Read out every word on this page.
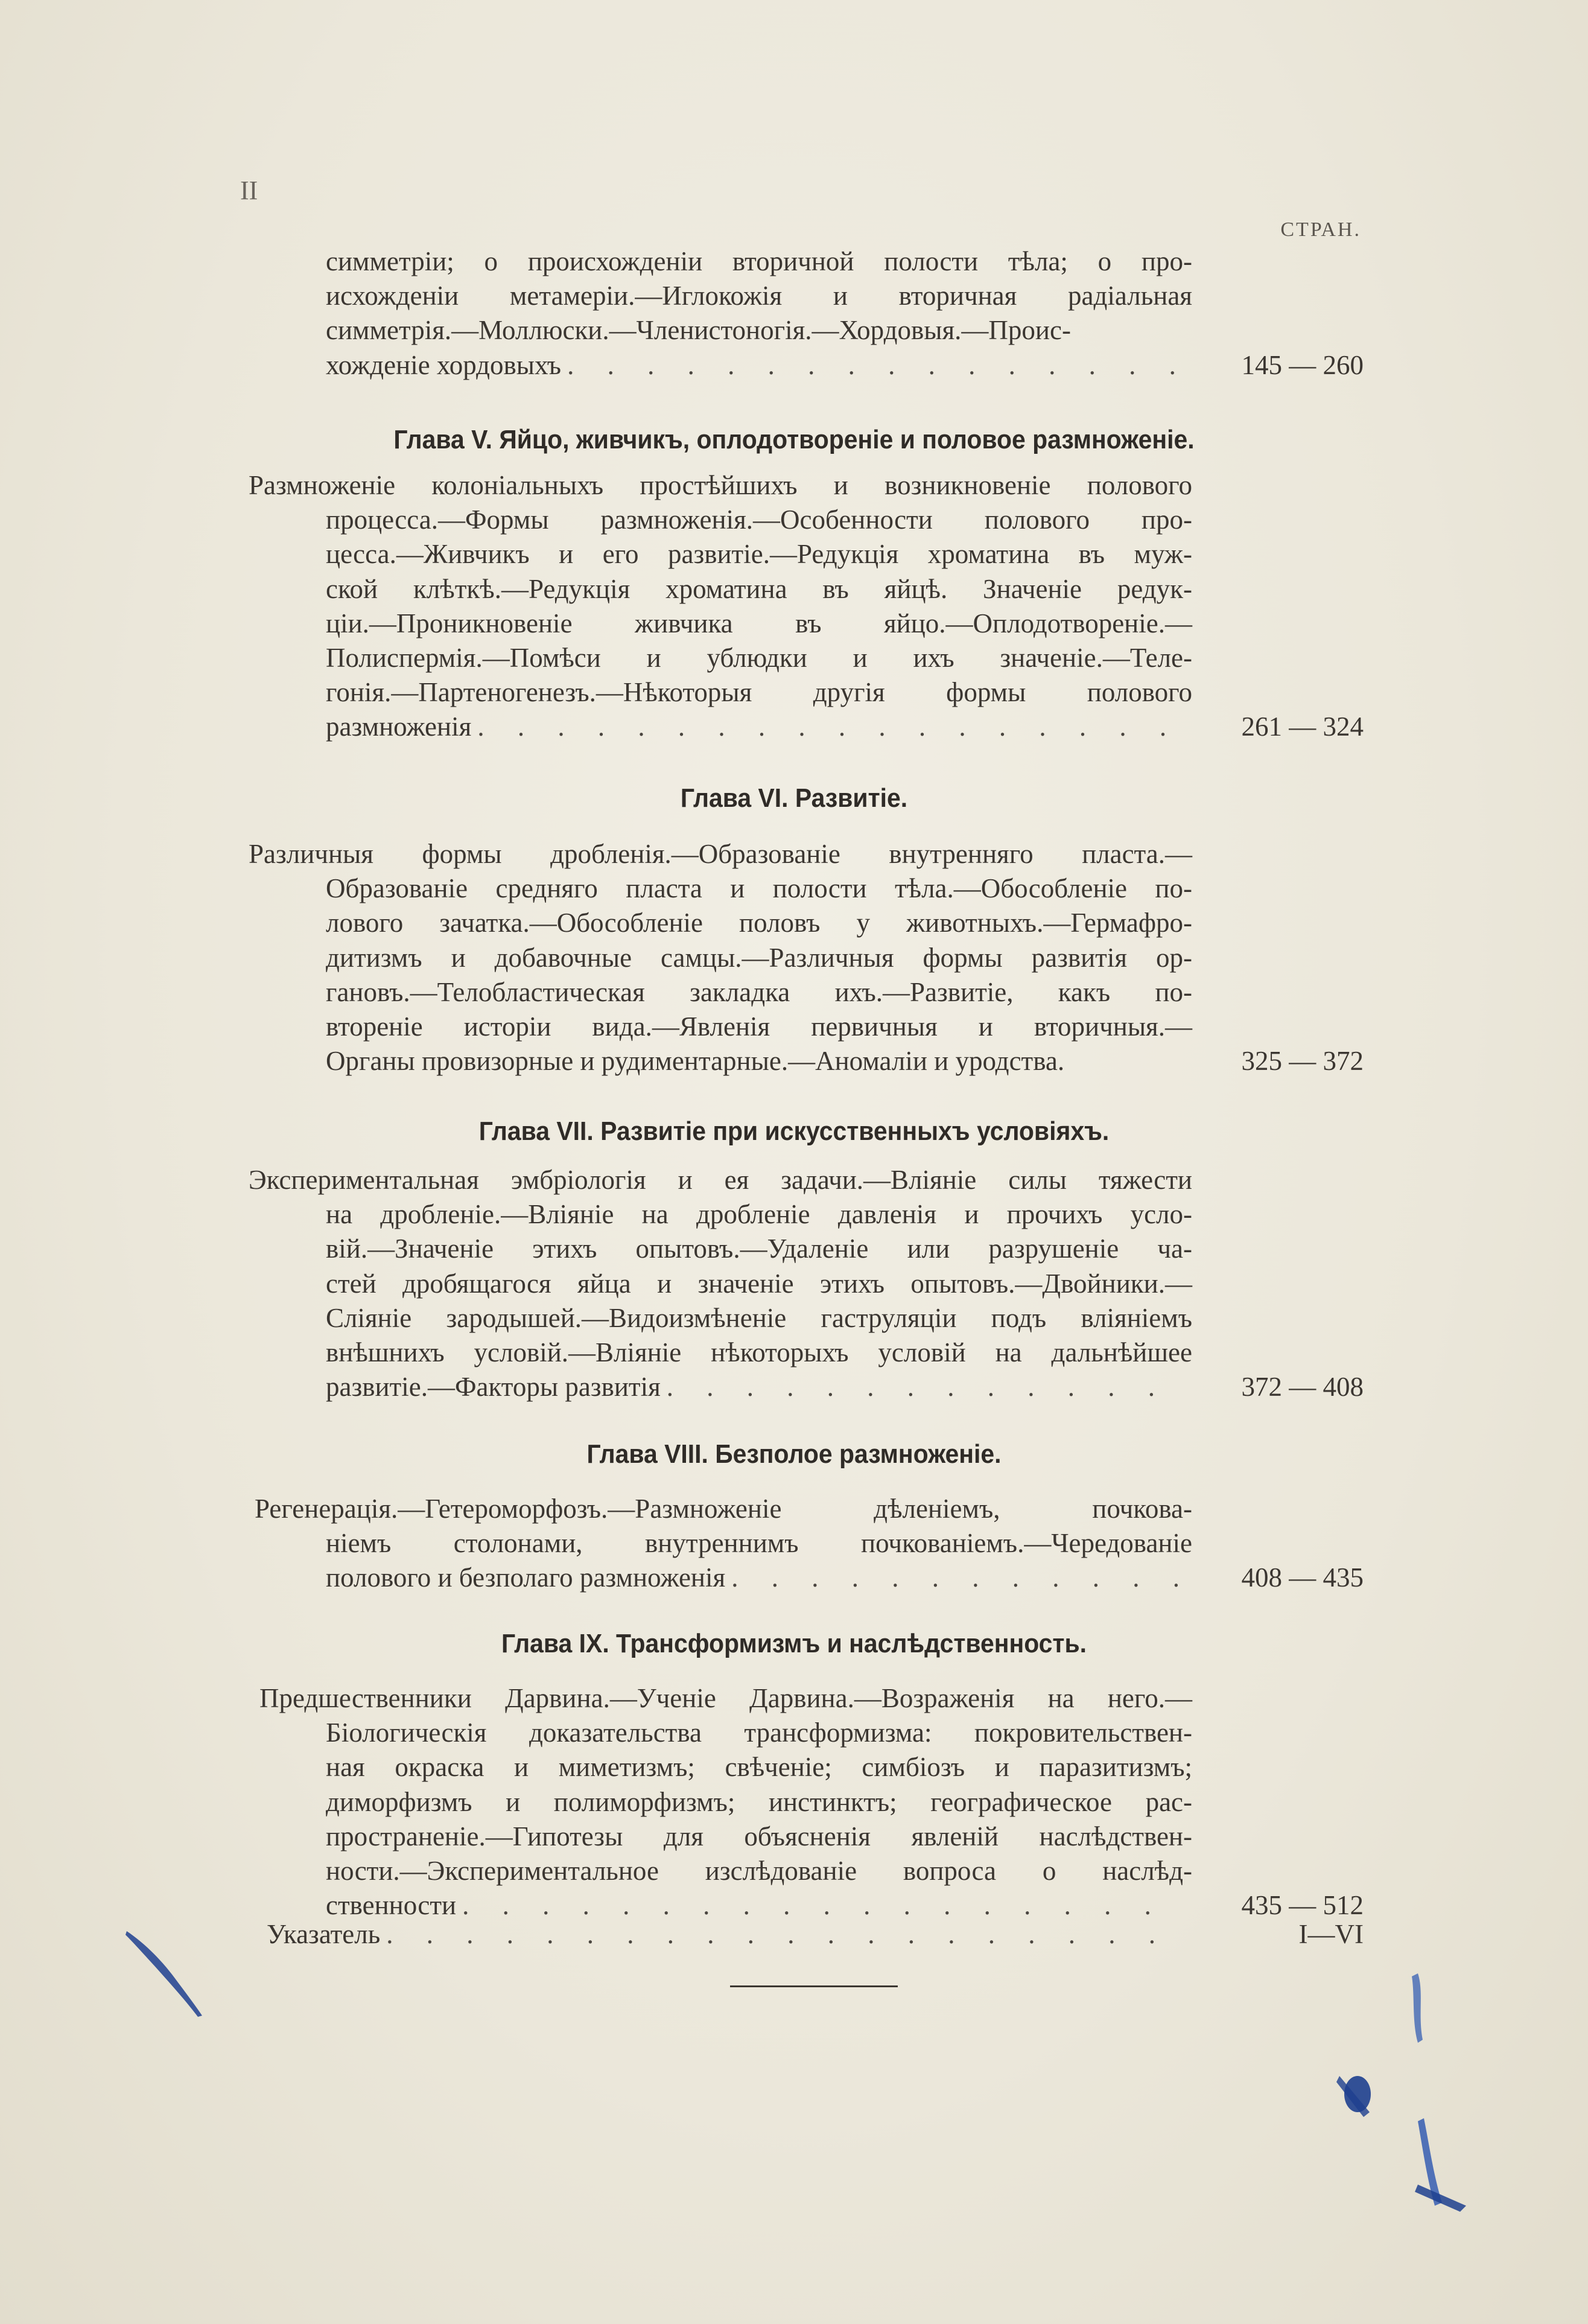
II
СТРАН.
симметріи; о происхожденіи вторичной полости тѣла; о про-
исхожденіи метамеріи.—Иглокожія и вторичная радіальная
симметрія.—Моллюски.—Членистоногія.—Хордовыя.—Проис-
хожденіе хордовыхъ . . .	145 — 260
Глава V. Яйцо, живчикъ, оплодотвореніе и половое размноженіе.
Размноженіе колоніальныхъ простѣйшихъ и возникновеніе полового
процесса.—Формы размноженія.—Особенности полового про-
цесса.—Живчикъ и его развитіе.—Редукція хроматина въ муж-
ской клѣткѣ.—Редукція хроматина въ яйцѣ. Значеніе редук-
ціи.—Проникновеніе живчика въ яйцо.—Оплодотвореніе.—
Полиспермія.—Помѣси и ублюдки и ихъ значеніе.—Теле-
гонія.—Партеногенезъ.—Нѣкоторыя другія формы полового
размноженія . . .	261 — 324
Глава VI. Развитіе.
Различныя формы дробленія.—Образованіе внутренняго пласта.—
Образованіе средняго пласта и полости тѣла.—Обособленіе по-
лового зачатка.—Обособленіе половъ у животныхъ.—Гермафро-
дитизмъ и добавочные самцы.—Различныя формы развитія ор-
гановъ.—Телобластическая закладка ихъ.—Развитіе, какъ по-
втореніе исторіи вида.—Явленія первичныя и вторичныя.—
Органы провизорные и рудиментарные.—Аномаліи и уродства.	325 — 372
Глава VII. Развитіе при искусственныхъ условіяхъ.
Экспериментальная эмбріологія и ея задачи.—Вліяніе силы тяжести
на дробленіе.—Вліяніе на дробленіе давленія и прочихъ усло-
вій.—Значеніе этихъ опытовъ.—Удаленіе или разрушеніе ча-
стей дробящагося яйца и значеніе этихъ опытовъ.—Двойники.—
Сліяніе зародышей.—Видоизмѣненіе гаструляціи подъ вліяніемъ
внѣшнихъ условій.—Вліяніе нѣкоторыхъ условій на дальнѣйшее
развитіе.—Факторы развитія . . .	372 — 408
Глава VIII. Безполое размноженіе.
Регенерація.—Гетероморфозъ.—Размноженіе дѣленіемъ, почкова-
ніемъ столонами, внутреннимъ почкованіемъ.—Чередованіе
полового и безполаго размноженія . . .	408 — 435
Глава IX. Трансформизмъ и наслѣдственность.
Предшественники Дарвина.—Ученіе Дарвина.—Возраженія на него.—
Біологическія доказательства трансформизма: покровительствен-
ная окраска и миметизмъ; свѣченіе; симбіозъ и паразитизмъ;
диморфизмъ и полиморфизмъ; инстинктъ; географическое рас-
пространеніе.—Гипотезы для объясненія явленій наслѣдствен-
ности.—Экспериментальное изслѣдованіе вопроса о наслѣд-
ственности . . .	435 — 512
Указатель . . .	I—VI
